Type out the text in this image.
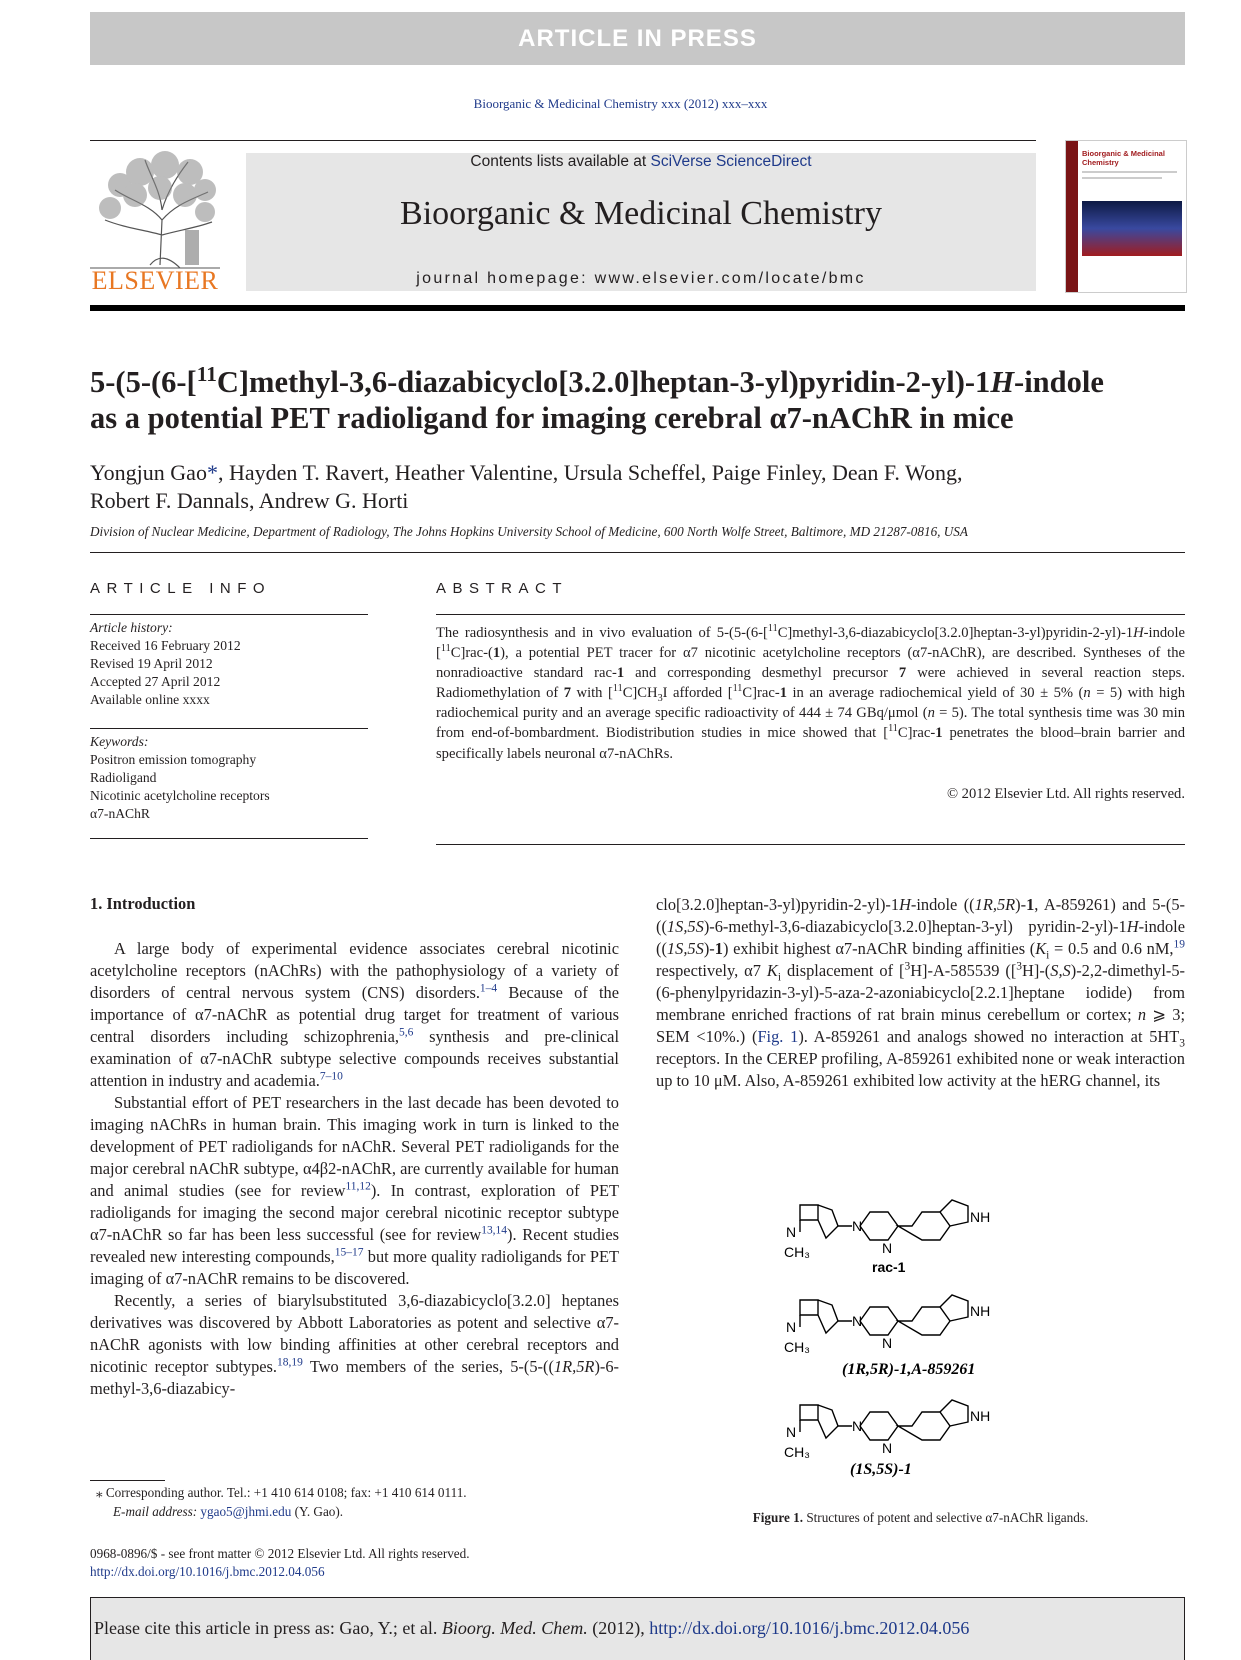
ARTICLE IN PRESS
Bioorganic & Medicinal Chemistry xxx (2012) xxx–xxx
ELSEVIER
Contents lists available at SciVerse ScienceDirect
Bioorganic & Medicinal Chemistry
journal homepage: www.elsevier.com/locate/bmc
Bioorganic & Medicinal Chemistry
5-(5-(6-[$^{11}$C]methyl-3,6-diazabicyclo[3.2.0]heptan-3-yl)pyridin-2-yl)-1H-indole
as a potential PET radioligand for imaging cerebral α7-nAChR in mice
Yongjun Gao*, Hayden T. Ravert, Heather Valentine, Ursula Scheffel, Paige Finley, Dean F. Wong,
Robert F. Dannals, Andrew G. Horti
Division of Nuclear Medicine, Department of Radiology, The Johns Hopkins University School of Medicine, 600 North Wolfe Street, Baltimore, MD 21287-0816, USA
ARTICLE INFO
Article history:
Received 16 February 2012
Revised 19 April 2012
Accepted 27 April 2012
Available online xxxx
Keywords:
Positron emission tomography
Radioligand
Nicotinic acetylcholine receptors
α7-nAChR
ABSTRACT
The radiosynthesis and in vivo evaluation of 5-(5-(6-[$^{11}$C]methyl-3,6-diazabicyclo[3.2.0]heptan-3-yl)pyridin-2-yl)-1H-indole [$^{11}$C]rac-(1), a potential PET tracer for α7 nicotinic acetylcholine receptors (α7-nAChR), are described. Syntheses of the nonradioactive standard rac-1 and corresponding desmethyl precursor 7 were achieved in several reaction steps. Radiomethylation of 7 with $[^{11}C]CH_3I$ afforded [$^{11}$C]rac-1 in an average radiochemical yield of 30 ± 5% (n = 5) with high radiochemical purity and an average specific radioactivity of 444 ± 74 GBq/μmol (n = 5). The total synthesis time was 30 min from end-of-bombardment. Biodistribution studies in mice showed that [$^{11}$C]rac-1 penetrates the blood–brain barrier and specifically labels neuronal α7-nAChRs.
© 2012 Elsevier Ltd. All rights reserved.
1. Introduction
A large body of experimental evidence associates cerebral nicotinic acetylcholine receptors (nAChRs) with the pathophysiology of a variety of disorders of central nervous system (CNS) disorders.$^{1-4}$ Because of the importance of α7-nAChR as potential drug target for treatment of various central disorders including schizophrenia,$^{5,6}$ synthesis and pre-clinical examination of α7-nAChR subtype selective compounds receives substantial attention in industry and academia.$^{7-10}$
Substantial effort of PET researchers in the last decade has been devoted to imaging nAChRs in human brain. This imaging work in turn is linked to the development of PET radioligands for nAChR. Several PET radioligands for the major cerebral nAChR subtype, α4β2-nAChR, are currently available for human and animal studies (see for review$^{11,12}$). In contrast, exploration of PET radioligands for imaging the second major cerebral nicotinic receptor subtype α7-nAChR so far has been less successful (see for review$^{13,14}$). Recent studies revealed new interesting compounds,$^{15-17}$ but more quality radioligands for PET imaging of α7-nAChR remains to be discovered.
Recently, a series of biarylsubstituted 3,6-diazabicyclo[3.2.0] heptanes derivatives was discovered by Abbott Laboratories as potent and selective α7-nAChR agonists with low binding affinities at other cerebral receptors and nicotinic receptor subtypes.$^{18,19}$ Two members of the series, 5-(5-((1R,5R)-6-methyl-3,6-diazabicy-
clo[3.2.0]heptan-3-yl)pyridin-2-yl)-1H-indole ((1R,5R)-1, A-859261) and 5-(5-((1S,5S)-6-methyl-3,6-diazabicyclo[3.2.0]heptan-3-yl) pyridin-2-yl)-1H-indole ((1S,5S)-1) exhibit highest α7-nAChR binding affinities ($K_i = 0.5$ and 0.6 nM,$^{19}$ respectively, α7 $K_i$ displacement of [$^3$H]-A-585539 ([$^3$H]-(S,S)-2,2-dimethyl-5-(6-phenylpyridazin-3-yl)-5-aza-2-azoniabicyclo[2.2.1]heptane iodide) from membrane enriched fractions of rat brain minus cerebellum or cortex; n ⩾ 3; SEM <10%.) (Fig. 1). A-859261 and analogs showed no interaction at $5HT_3$ receptors. In the CEREP profiling, A-859261 exhibited none or weak interaction up to 10 μM. Also, A-859261 exhibited low activity at the hERG channel, its
N
CH₃
N
N
NH
rac-1
N
CH₃
N
N
NH
(1R,5R)-1,A-859261
N
CH₃
N
N
NH
(1S,5S)-1
Figure 1. Structures of potent and selective α7-nAChR ligands.
⁎ Corresponding author. Tel.: +1 410 614 0108; fax: +1 410 614 0111.
E-mail address: ygao5@jhmi.edu (Y. Gao).
0968-0896/$ - see front matter © 2012 Elsevier Ltd. All rights reserved.
http://dx.doi.org/10.1016/j.bmc.2012.04.056
Please cite this article in press as: Gao, Y.; et al. Bioorg. Med. Chem. (2012), http://dx.doi.org/10.1016/j.bmc.2012.04.056
